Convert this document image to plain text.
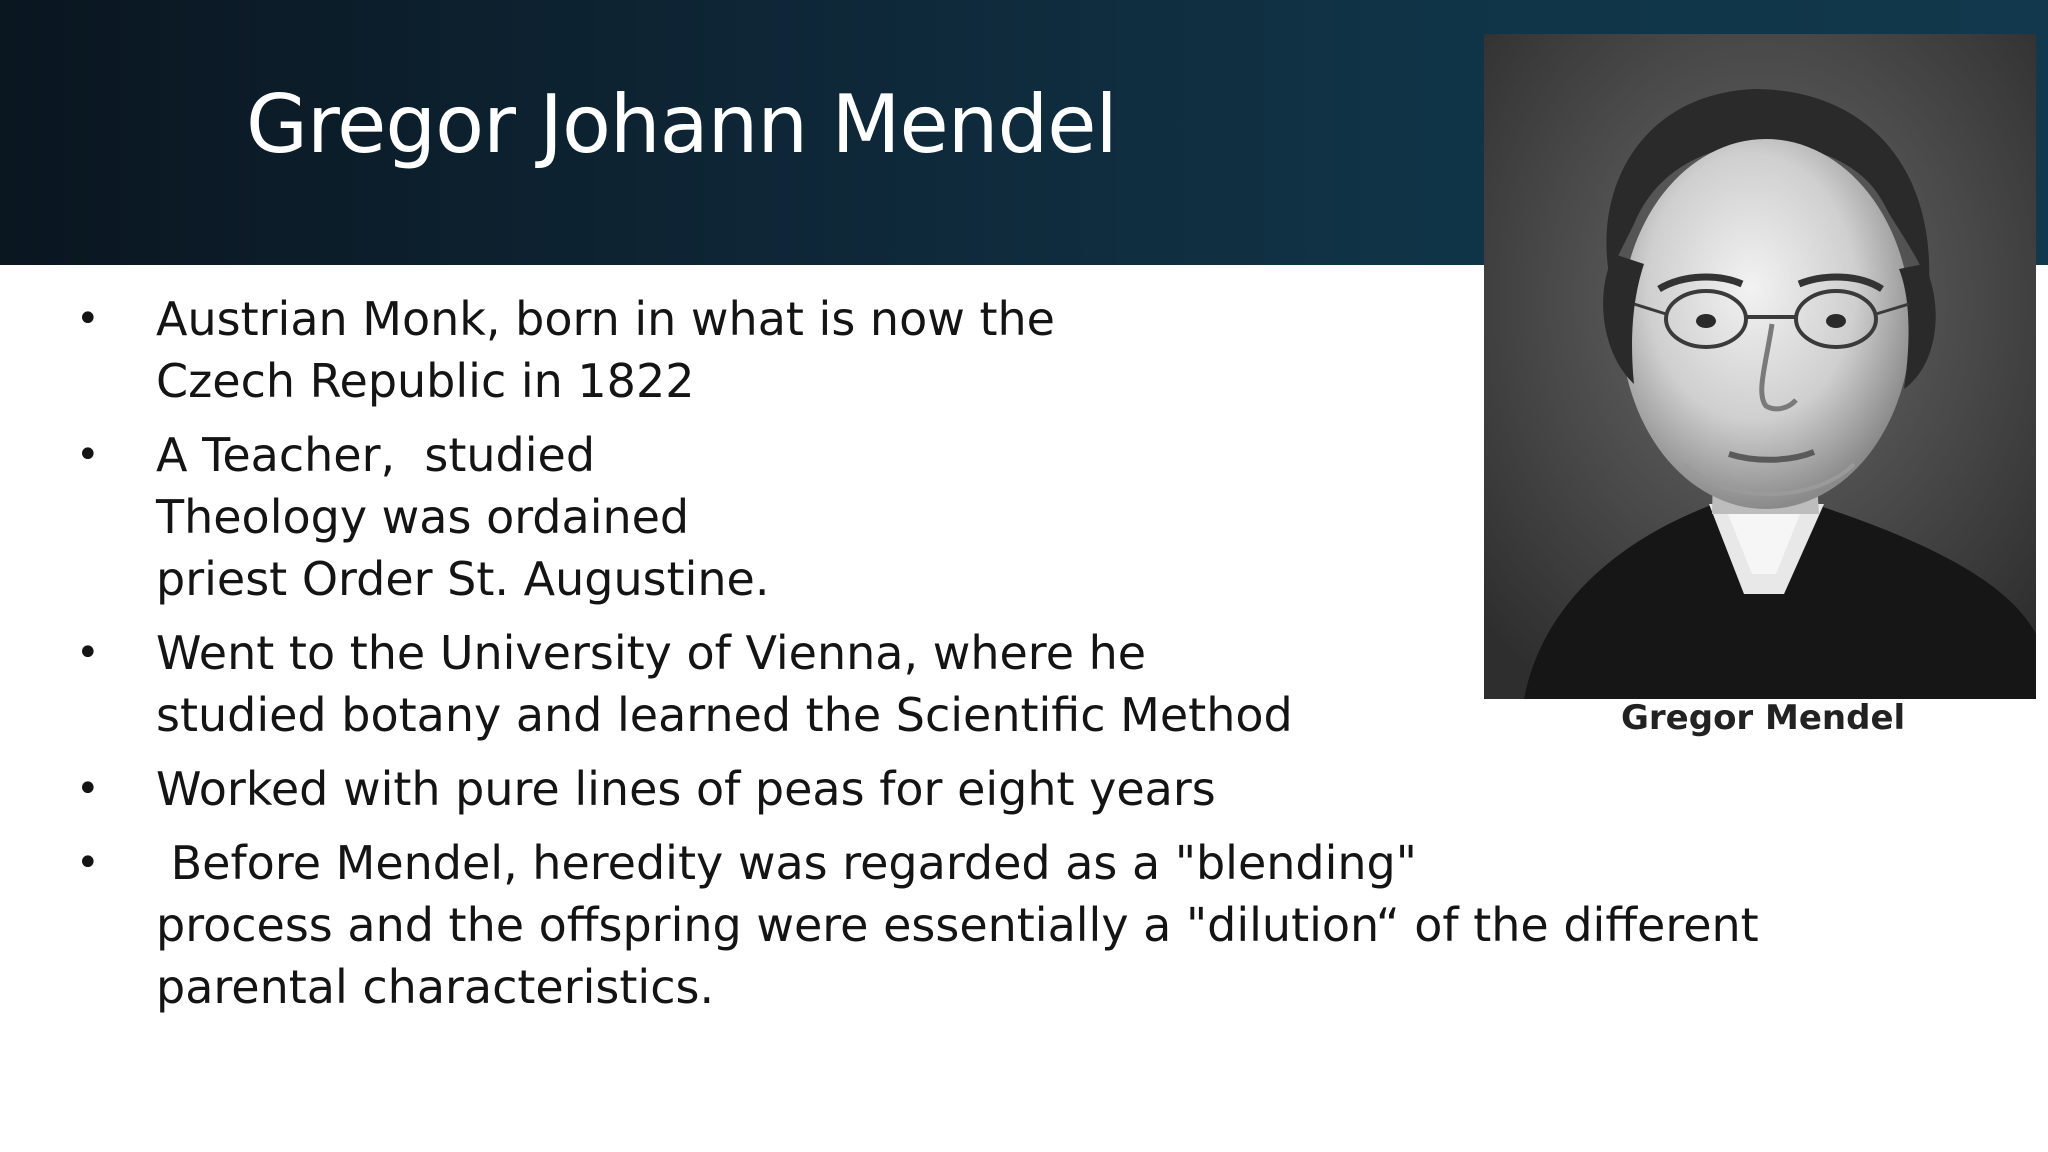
Gregor Johann Mendel
Gregor Mendel
•	Austrian Monk, born in what is now the
Czech Republic in 1822
•	A Teacher,  studied
Theology was ordained
priest Order St. Augustine.
•	Went to the University of Vienna, where he
studied botany and learned the Scientific Method
•	Worked with pure lines of peas for eight years
•	Before Mendel, heredity was regarded as a "blending"
process and the offspring were essentially a "dilution“ of the different
parental characteristics.
